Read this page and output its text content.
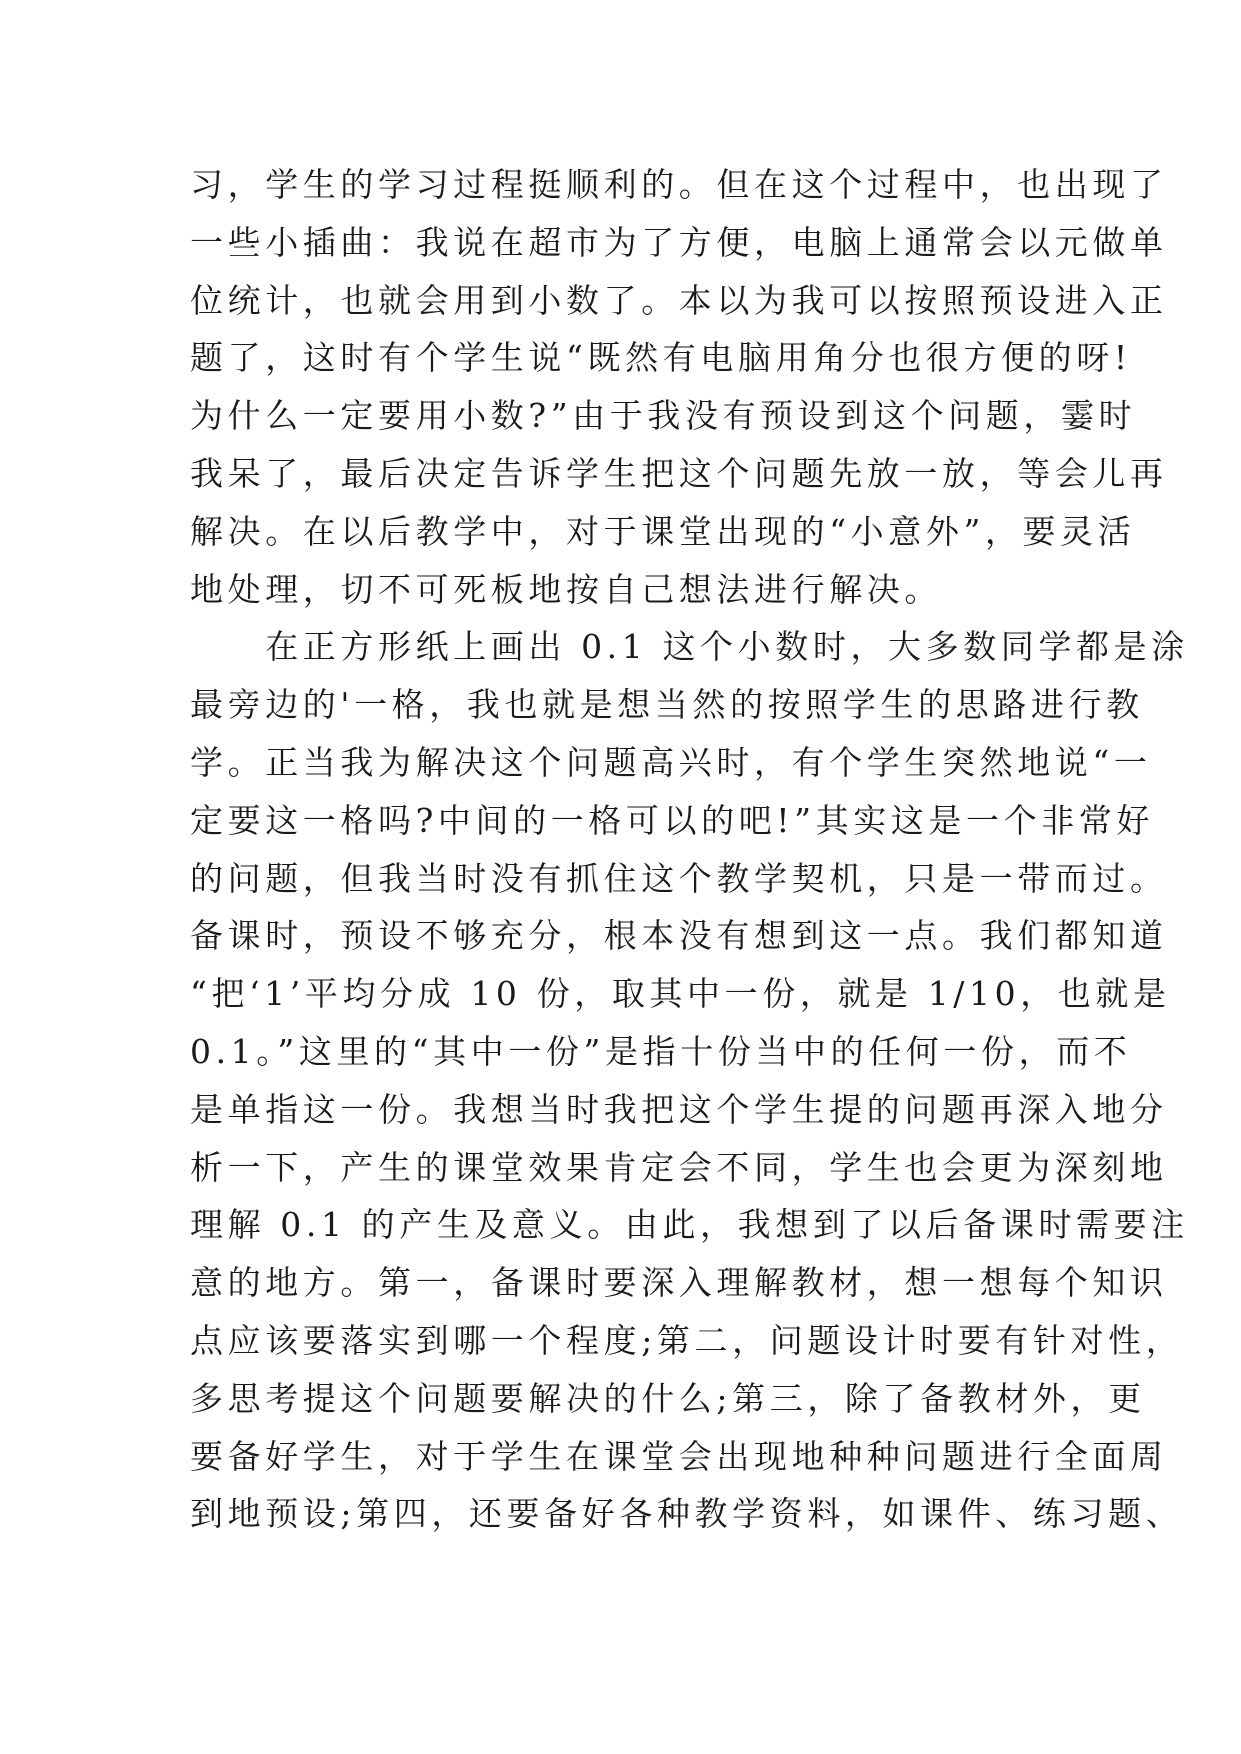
习，学生的学习过程挺顺利的。但在这个过程中，也出现了
一些小插曲：我说在超市为了方便，电脑上通常会以元做单
位统计，也就会用到小数了。本以为我可以按照预设进入正
题了，这时有个学生说“既然有电脑用角分也很方便的呀!
为什么一定要用小数?”由于我没有预设到这个问题，霎时
我呆了，最后决定告诉学生把这个问题先放一放，等会儿再
解决。在以后教学中，对于课堂出现的“小意外”，要灵活
地处理，切不可死板地按自己想法进行解决。
　　在正方形纸上画出 0.1 这个小数时，大多数同学都是涂
最旁边的'一格，我也就是想当然的按照学生的思路进行教
学。正当我为解决这个问题高兴时，有个学生突然地说“一
定要这一格吗?中间的一格可以的吧!”其实这是一个非常好
的问题，但我当时没有抓住这个教学契机，只是一带而过。
备课时，预设不够充分，根本没有想到这一点。我们都知道
“把‘1’平均分成 10 份，取其中一份，就是 1/10，也就是
0.1。”这里的“其中一份”是指十份当中的任何一份，而不
是单指这一份。我想当时我把这个学生提的问题再深入地分
析一下，产生的课堂效果肯定会不同，学生也会更为深刻地
理解 0.1 的产生及意义。由此，我想到了以后备课时需要注
意的地方。第一，备课时要深入理解教材，想一想每个知识
点应该要落实到哪一个程度;第二，问题设计时要有针对性，
多思考提这个问题要解决的什么;第三，除了备教材外，更
要备好学生，对于学生在课堂会出现地种种问题进行全面周
到地预设;第四，还要备好各种教学资料，如课件、练习题、
